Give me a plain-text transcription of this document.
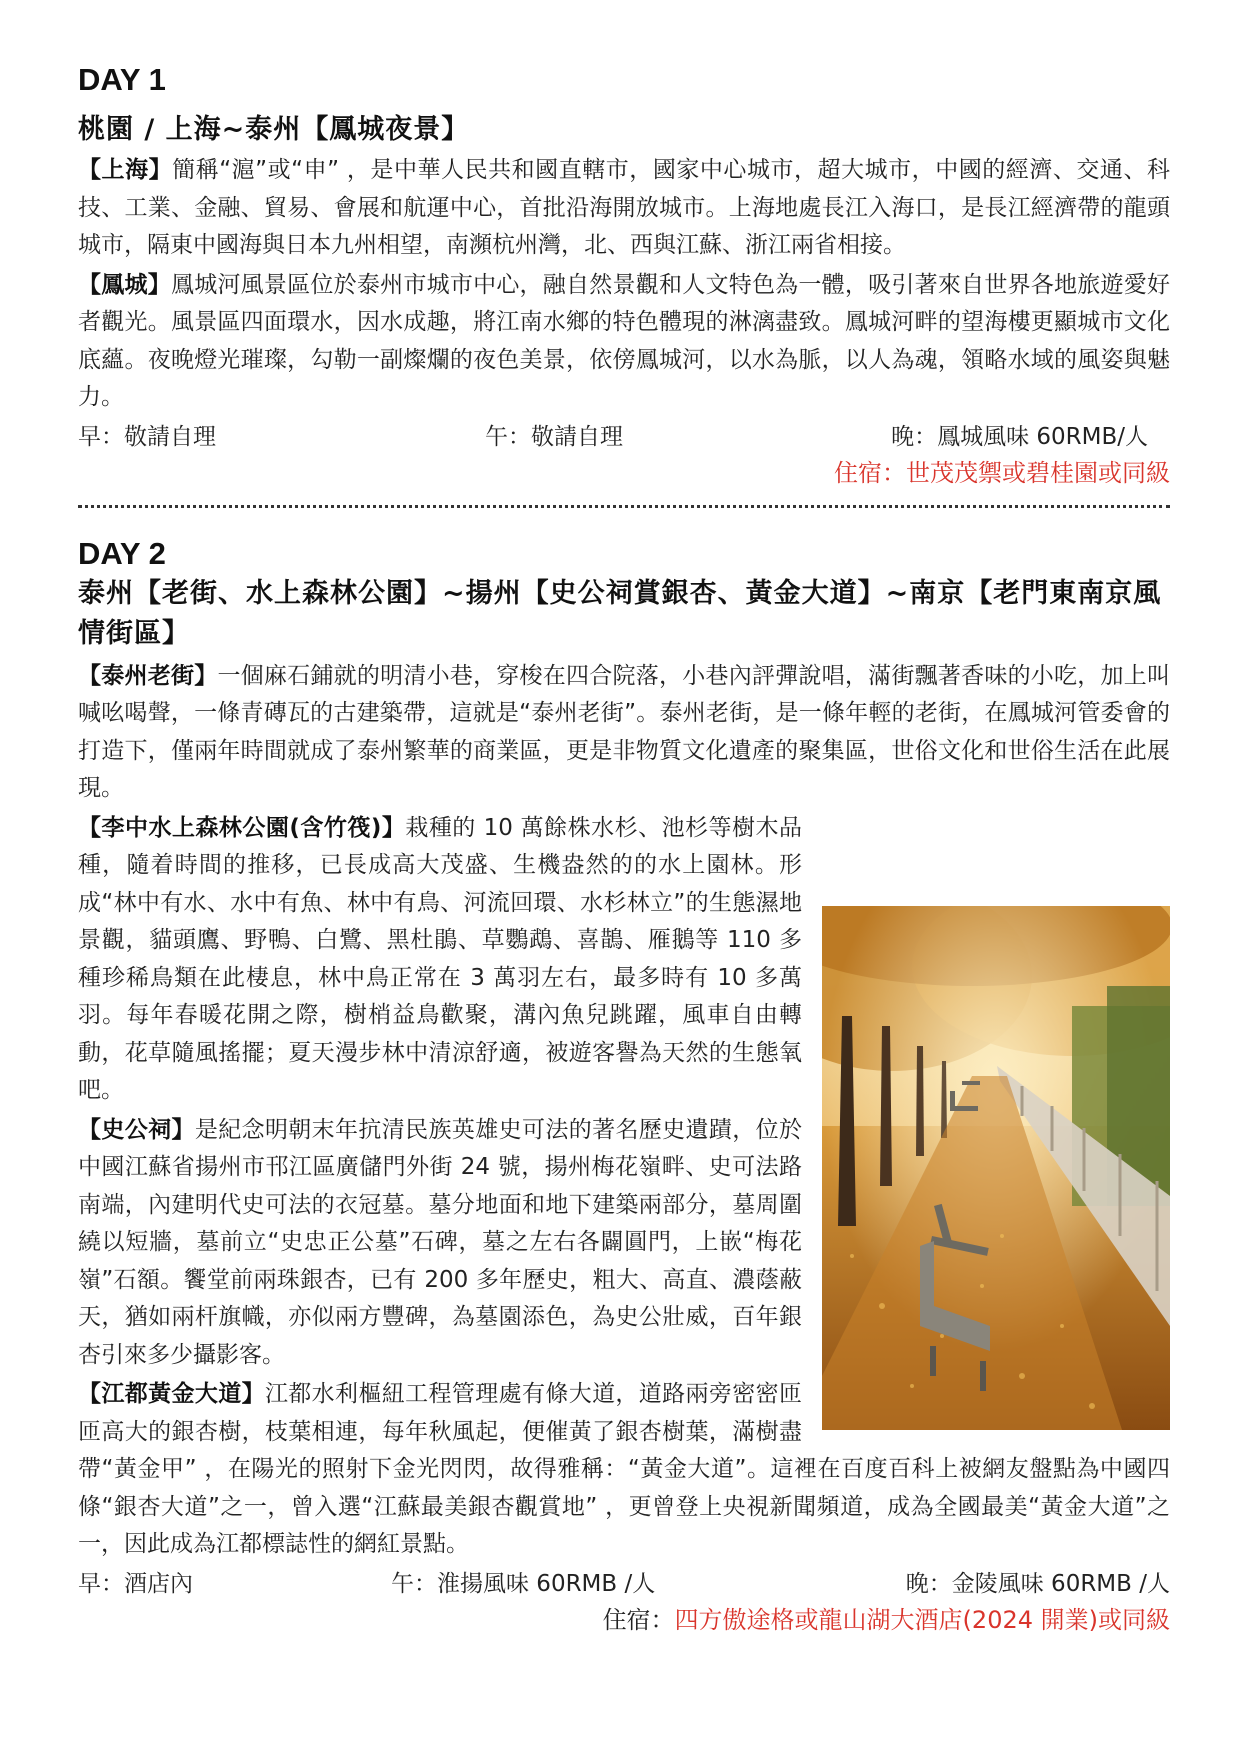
DAY 1
桃園 / 上海~泰州【鳳城夜景】

【上海】簡稱“滬”或“申” ，是中華人民共和國直轄市，國家中心城市，超大城市，中國的經濟、交通、科技、工業、金融、貿易、會展和航運中心，首批沿海開放城市。上海地處長江入海口，是長江經濟帶的龍頭城市，隔東中國海與日本九州相望，南瀕杭州灣，北、西與江蘇、浙江兩省相接。

【鳳城】鳳城河風景區位於泰州市城市中心，融自然景觀和人文特色為一體，吸引著來自世界各地旅遊愛好者觀光。風景區四面環水，因水成趣，將江南水鄉的特色體現的淋漓盡致。鳳城河畔的望海樓更顯城市文化底蘊。夜晚燈光璀璨，勾勒一副燦爛的夜色美景，依傍鳳城河，以水為脈，以人為魂，領略水域的風姿與魅力。

早：敬請自理	午：敬請自理	晚：鳳城風味 60RMB/人
住宿：世茂茂禦或碧桂園或同級
DAY 2
泰州【老街、水上森林公園】~揚州【史公祠賞銀杏、黃金大道】~南京【老門東南京風情街區】

【泰州老街】一個麻石鋪就的明清小巷，穿梭在四合院落，小巷內評彈說唱，滿街飄著香味的小吃，加上叫喊吆喝聲，一條青磚瓦的古建築帶，這就是“泰州老街”。泰州老街，是一條年輕的老街，在鳳城河管委會的打造下，僅兩年時間就成了泰州繁華的商業區，更是非物質文化遺產的聚集區，世俗文化和世俗生活在此展現。

【李中水上森林公園(含竹筏)】栽種的 10 萬餘株水杉、池杉等樹木品種，隨着時間的推移，已長成高大茂盛、生機盎然的的水上園林。形成“林中有水、水中有魚、林中有鳥、河流回環、水杉林立”的生態濕地景觀，貓頭鷹、野鴨、白鷺、黑杜鵑、草鸚鵡、喜鵲、雁鵝等 110 多種珍稀鳥類在此棲息，林中鳥正常在 3 萬羽左右，最多時有 10 多萬羽。每年春暖花開之際，樹梢益鳥歡聚，溝內魚兒跳躍，風車自由轉動，花草隨風搖擺；夏天漫步林中清涼舒適，被遊客譽為天然的生態氧吧。

【史公祠】是紀念明朝末年抗清民族英雄史可法的著名歷史遺蹟，位於中國江蘇省揚州市邗江區廣儲門外街 24 號，揚州梅花嶺畔、史可法路南端，內建明代史可法的衣冠墓。墓分地面和地下建築兩部分，墓周圍繞以短牆，墓前立“史忠正公墓”石碑，墓之左右各闢圓門，上嵌“梅花嶺”石額。饗堂前兩珠銀杏，已有 200 多年歷史，粗大、高直、濃蔭蔽天，猶如兩杆旗幟，亦似兩方豐碑，為墓園添色，為史公壯威，百年銀杏引來多少攝影客。

【江都黃金大道】江都水利樞紐工程管理處有條大道，道路兩旁密密匝匝高大的銀杏樹，枝葉相連，每年秋風起，便催黃了銀杏樹葉，滿樹盡帶“黃金甲” ，在陽光的照射下金光閃閃，故得雅稱：“黃金大道”。這裡在百度百科上被網友盤點為中國四條“銀杏大道”之一，曾入選“江蘇最美銀杏觀賞地” ，更曾登上央視新聞頻道，成為全國最美“黃金大道”之一，因此成為江都標誌性的網紅景點。

早：酒店內	午：淮揚風味 60RMB /人	晚：金陵風味 60RMB /人
住宿：四方傲途格或龍山湖大酒店(2024 開業)或同級
